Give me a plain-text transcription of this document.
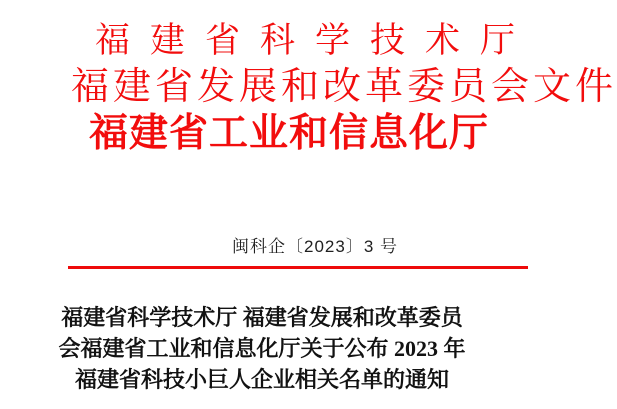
福建省科学技术厅
福建省发展和改革委员会文件
福建省工业和信息化厅
闽科企〔2023〕3 号
福建省科学技术厅 福建省发展和改革委员
会福建省工业和信息化厅关于公布 2023 年
福建省科技小巨人企业相关名单的通知
